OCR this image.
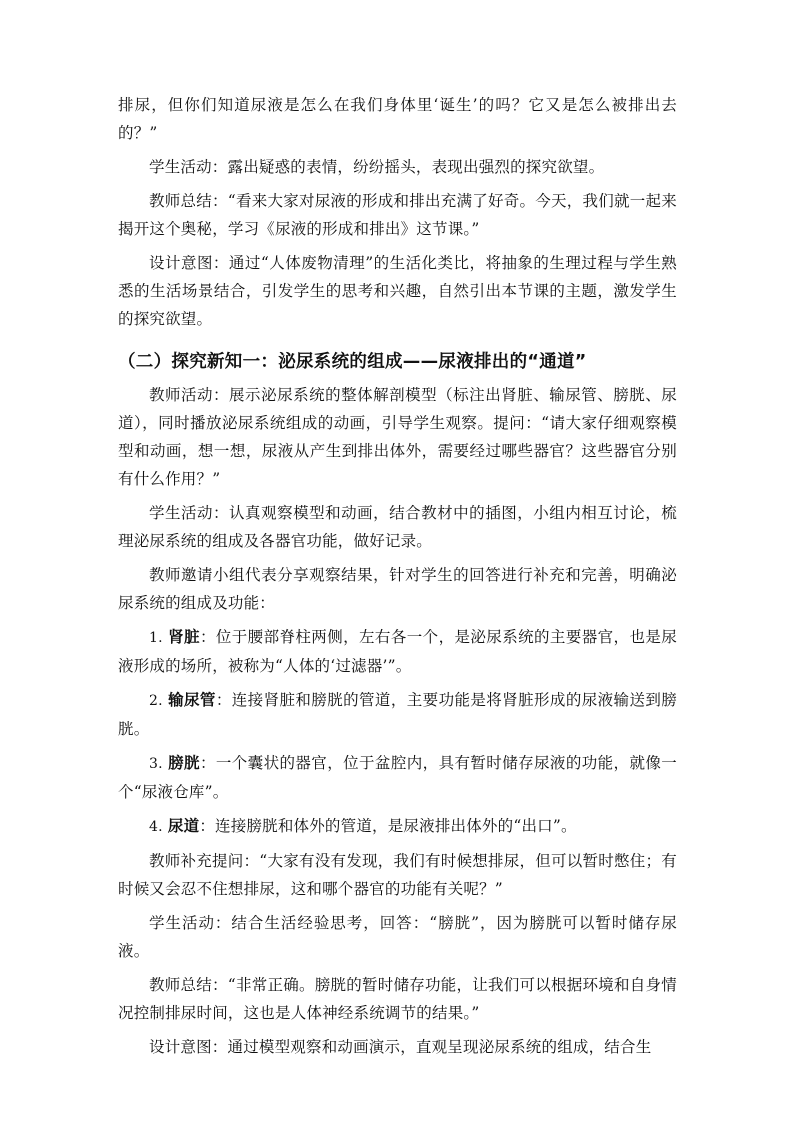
排尿，但你们知道尿液是怎么在我们身体里‘诞生’的吗？它又是怎么被排出去的？”

学生活动：露出疑惑的表情，纷纷摇头，表现出强烈的探究欲望。

教师总结：“看来大家对尿液的形成和排出充满了好奇。今天，我们就一起来揭开这个奥秘，学习《尿液的形成和排出》这节课。”

设计意图：通过“人体废物清理”的生活化类比，将抽象的生理过程与学生熟悉的生活场景结合，引发学生的思考和兴趣，自然引出本节课的主题，激发学生的探究欲望。

（二）探究新知一：泌尿系统的组成——尿液排出的“通道”

教师活动：展示泌尿系统的整体解剖模型（标注出肾脏、输尿管、膀胱、尿道），同时播放泌尿系统组成的动画，引导学生观察。提问：“请大家仔细观察模型和动画，想一想，尿液从产生到排出体外，需要经过哪些器官？这些器官分别有什么作用？”

学生活动：认真观察模型和动画，结合教材中的插图，小组内相互讨论，梳理泌尿系统的组成及各器官功能，做好记录。

教师邀请小组代表分享观察结果，针对学生的回答进行补充和完善，明确泌尿系统的组成及功能：

1. 肾脏：位于腰部脊柱两侧，左右各一个，是泌尿系统的主要器官，也是尿液形成的场所，被称为“人体的‘过滤器’”。

2. 输尿管：连接肾脏和膀胱的管道，主要功能是将肾脏形成的尿液输送到膀胱。

3. 膀胱：一个囊状的器官，位于盆腔内，具有暂时储存尿液的功能，就像一个“尿液仓库”。

4. 尿道：连接膀胱和体外的管道，是尿液排出体外的“出口”。

教师补充提问：“大家有没有发现，我们有时候想排尿，但可以暂时憋住；有时候又会忍不住想排尿，这和哪个器官的功能有关呢？”

学生活动：结合生活经验思考，回答：“膀胱”，因为膀胱可以暂时储存尿液。

教师总结：“非常正确。膀胱的暂时储存功能，让我们可以根据环境和自身情况控制排尿时间，这也是人体神经系统调节的结果。”

设计意图：通过模型观察和动画演示，直观呈现泌尿系统的组成，结合生
